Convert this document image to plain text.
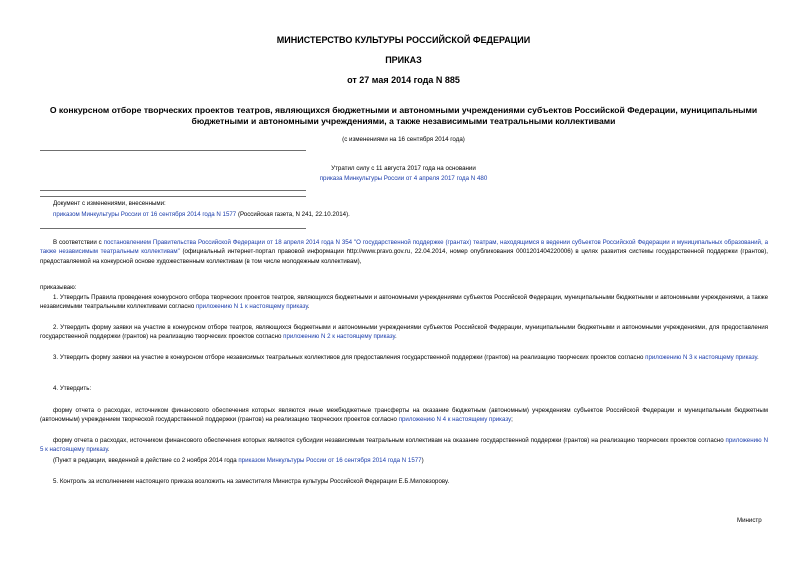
МИНИСТЕРСТВО КУЛЬТУРЫ РОССИЙСКОЙ ФЕДЕРАЦИИ
ПРИКАЗ
от 27 мая 2014 года N 885
О конкурсном отборе творческих проектов театров, являющихся бюджетными и автономными учреждениями субъектов Российской Федерации, муниципальными бюджетными и автономными учреждениями, а также независимыми театральными коллективами
(с изменениями на 16 сентября 2014 года)
Утратил силу с 11 августа 2017 года на основании
приказа Минкультуры России от 4 апреля 2017 года N 480
Документ с изменениями, внесенными:
приказом Минкультуры России от 16 сентября 2014 года N 1577 (Российская газета, N 241, 22.10.2014).
В соответствии с постановлением Правительства Российской Федерации от 18 апреля 2014 года N 354 "О государственной поддержке (грантах) театрам, находящимся в ведении субъектов Российской Федерации и муниципальных образований, а также независимым театральным коллективам" (официальный интернет-портал правовой информации http://www.pravo.gov.ru, 22.04.2014, номер опубликования 0001201404220006) в целях развития системы государственной поддержки (грантов), предоставляемой на конкурсной основе художественным коллективам (в том числе молодежным коллективам),
приказываю:
1. Утвердить Правила проведения конкурсного отбора творческих проектов театров, являющихся бюджетными и автономными учреждениями субъектов Российской Федерации, муниципальными бюджетными и автономными учреждениями, а также независимыми театральными коллективами согласно приложению N 1 к настоящему приказу.
2. Утвердить форму заявки на участие в конкурсном отборе театров, являющихся бюджетными и автономными учреждениями субъектов Российской Федерации, муниципальными бюджетными и автономными учреждениями, для предоставления государственной поддержки (грантов) на реализацию творческих проектов согласно приложению N 2 к настоящему приказу.
3. Утвердить форму заявки на участие в конкурсном отборе независимых театральных коллективов для предоставления государственной поддержки (грантов) на реализацию творческих проектов согласно приложению N 3 к настоящему приказу.
4. Утвердить:
форму отчета о расходах, источником финансового обеспечения которых являются иные межбюджетные трансферты на оказание бюджетным (автономным) учреждениям субъектов Российской Федерации и муниципальным бюджетным (автономным) учреждением творческой государственной поддержки (грантов) на реализацию творческих проектов согласно приложению N 4 к настоящему приказу;
форму отчета о расходах, источником финансового обеспечения которых являются субсидии независимым театральным коллективам на оказание государственной поддержки (грантов) на реализацию творческих проектов согласно приложению N 5 к настоящему приказу.
(Пункт в редакции, введенной в действие со 2 ноября 2014 года приказом Минкультуры России от 16 сентября 2014 года N 1577)
5. Контроль за исполнением настоящего приказа возложить на заместителя Министра культуры Российской Федерации Е.Б.Миловзорову.
Министр
